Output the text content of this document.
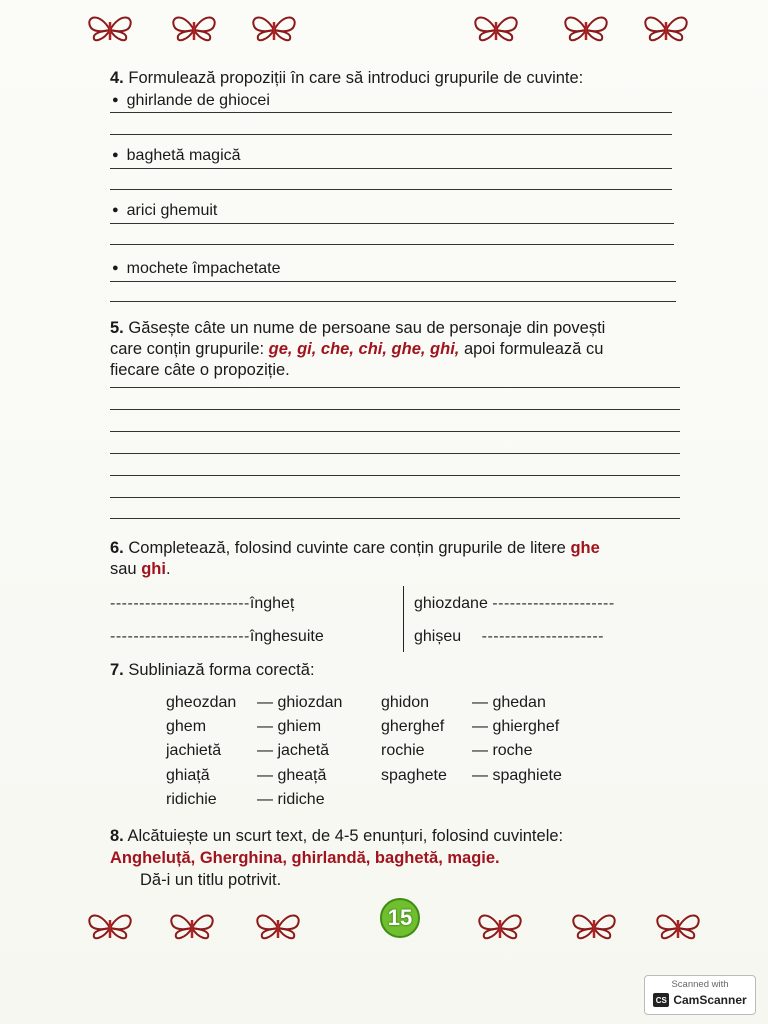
4. Formulează propoziții în care să introduci grupurile de cuvinte:
● ghirlande de ghiocei
● baghetă magică
● arici ghemuit
● mochete împachetate
5. Găsește câte un nume de persoane sau de personaje din povești
care conțin grupurile: ge, gi, che, chi, ghe, ghi, apoi formulează cu
fiecare câte o propoziție.
6. Completează, folosind cuvinte care conțin grupurile de litere ghe
sau ghi.
------------------------îngheț	ghiozdane ---------------------
------------------------înghesuite	ghișeu ---------------------
7. Subliniază forma corectă:
gheozdan — ghiozdan
ghem	— ghiem
jachietă — jachetă
ghiață	— gheață
ridichie	— ridiche
ghidon	— ghedan
gherghef — ghierghef
rochie	— roche
spaghete — spaghiete
8. Alcătuiește un scurt text, de 4-5 enunțuri, folosind cuvintele:
Angheluță, Gherghina, ghirlandă, baghetă, magie.
Dă-i un titlu potrivit.
15
Scanned with
CS CamScanner
